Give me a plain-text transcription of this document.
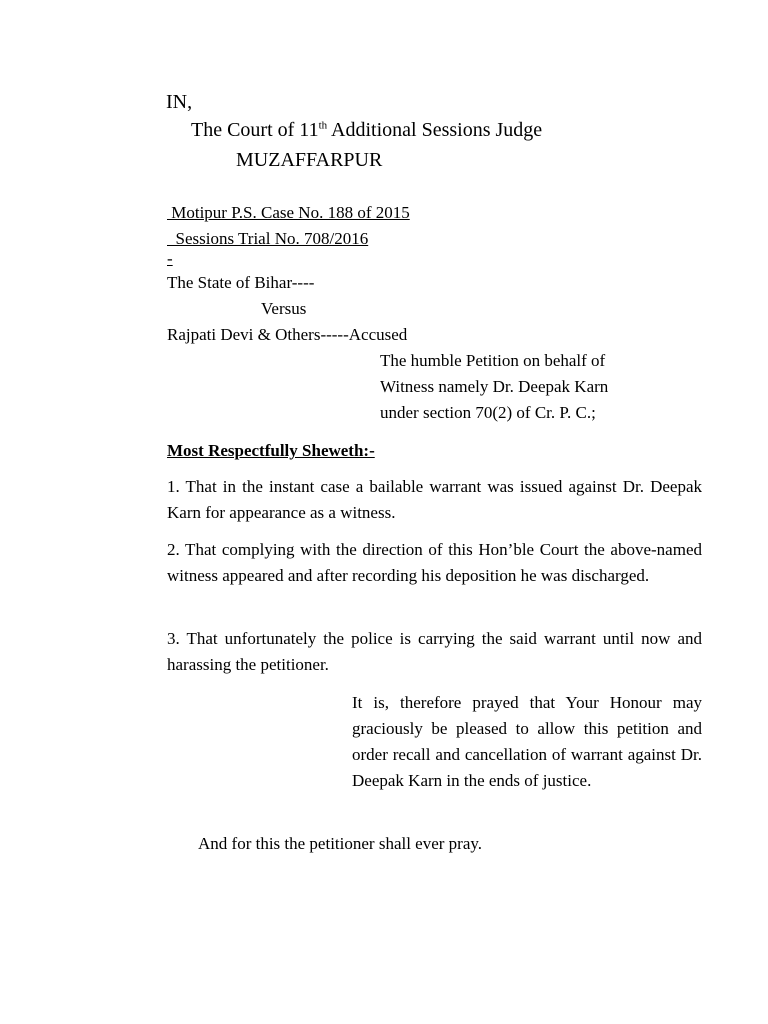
IN,
The Court of 11th Additional Sessions Judge
MUZAFFARPUR
Motipur P.S. Case No. 188 of 2015
Sessions Trial No. 708/2016
-
The State of Bihar----
Versus
Rajpati Devi & Others-----Accused
The humble Petition on behalf of
Witness namely Dr. Deepak Karn
under section 70(2) of Cr. P. C.;
Most Respectfully Sheweth:-

1. That in the instant case a bailable warrant was issued against Dr. Deepak Karn for appearance as a witness.

2. That complying with the direction of this Hon’ble Court the above-named witness appeared and after recording his deposition he was discharged.

3. That unfortunately the police is carrying the said warrant until now and harassing the petitioner.

It is, therefore prayed that Your Honour may graciously be pleased to allow this petition and order recall and cancellation of warrant against Dr. Deepak Karn in the ends of justice.

And for this the petitioner shall ever pray.
